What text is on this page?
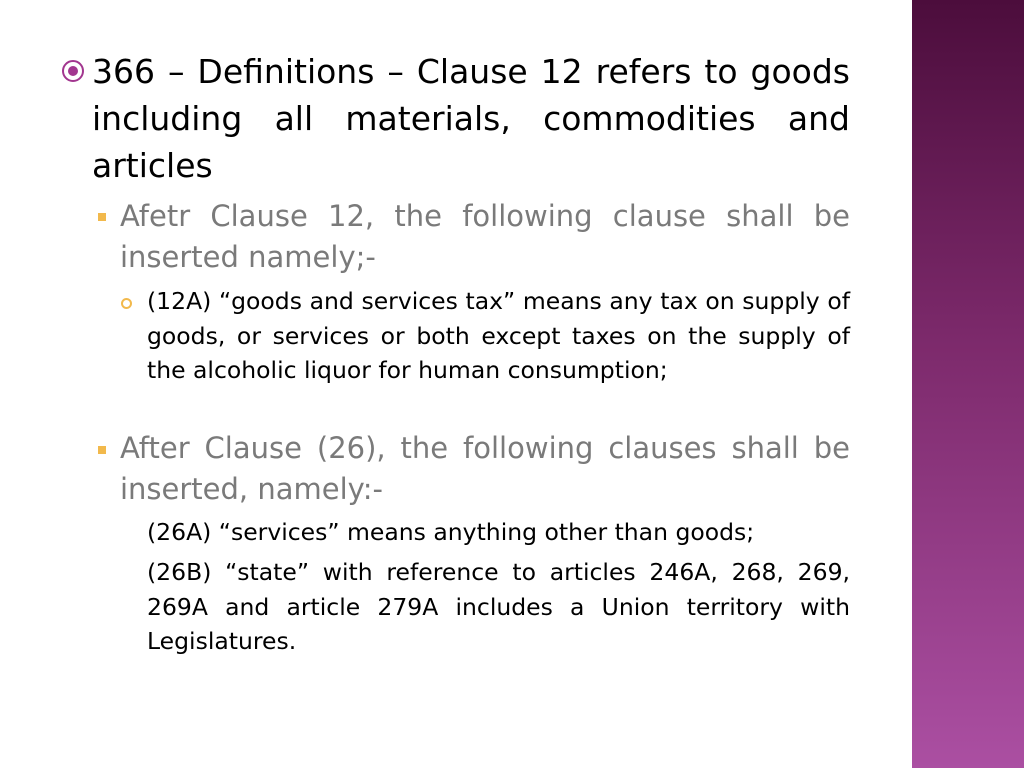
366 – Definitions – Clause 12 refers to goods including all materials, commodities and articles

Afetr Clause 12, the following clause shall be inserted namely;-

(12A) “goods and services tax” means any tax on supply of goods, or services or both except taxes on the supply of the alcoholic liquor for human consumption;

After Clause (26), the following clauses shall be inserted, namely:-

(26A) “services” means anything other than goods;

(26B) “state” with reference to articles 246A, 268, 269, 269A and article 279A includes a Union territory with Legislatures.
